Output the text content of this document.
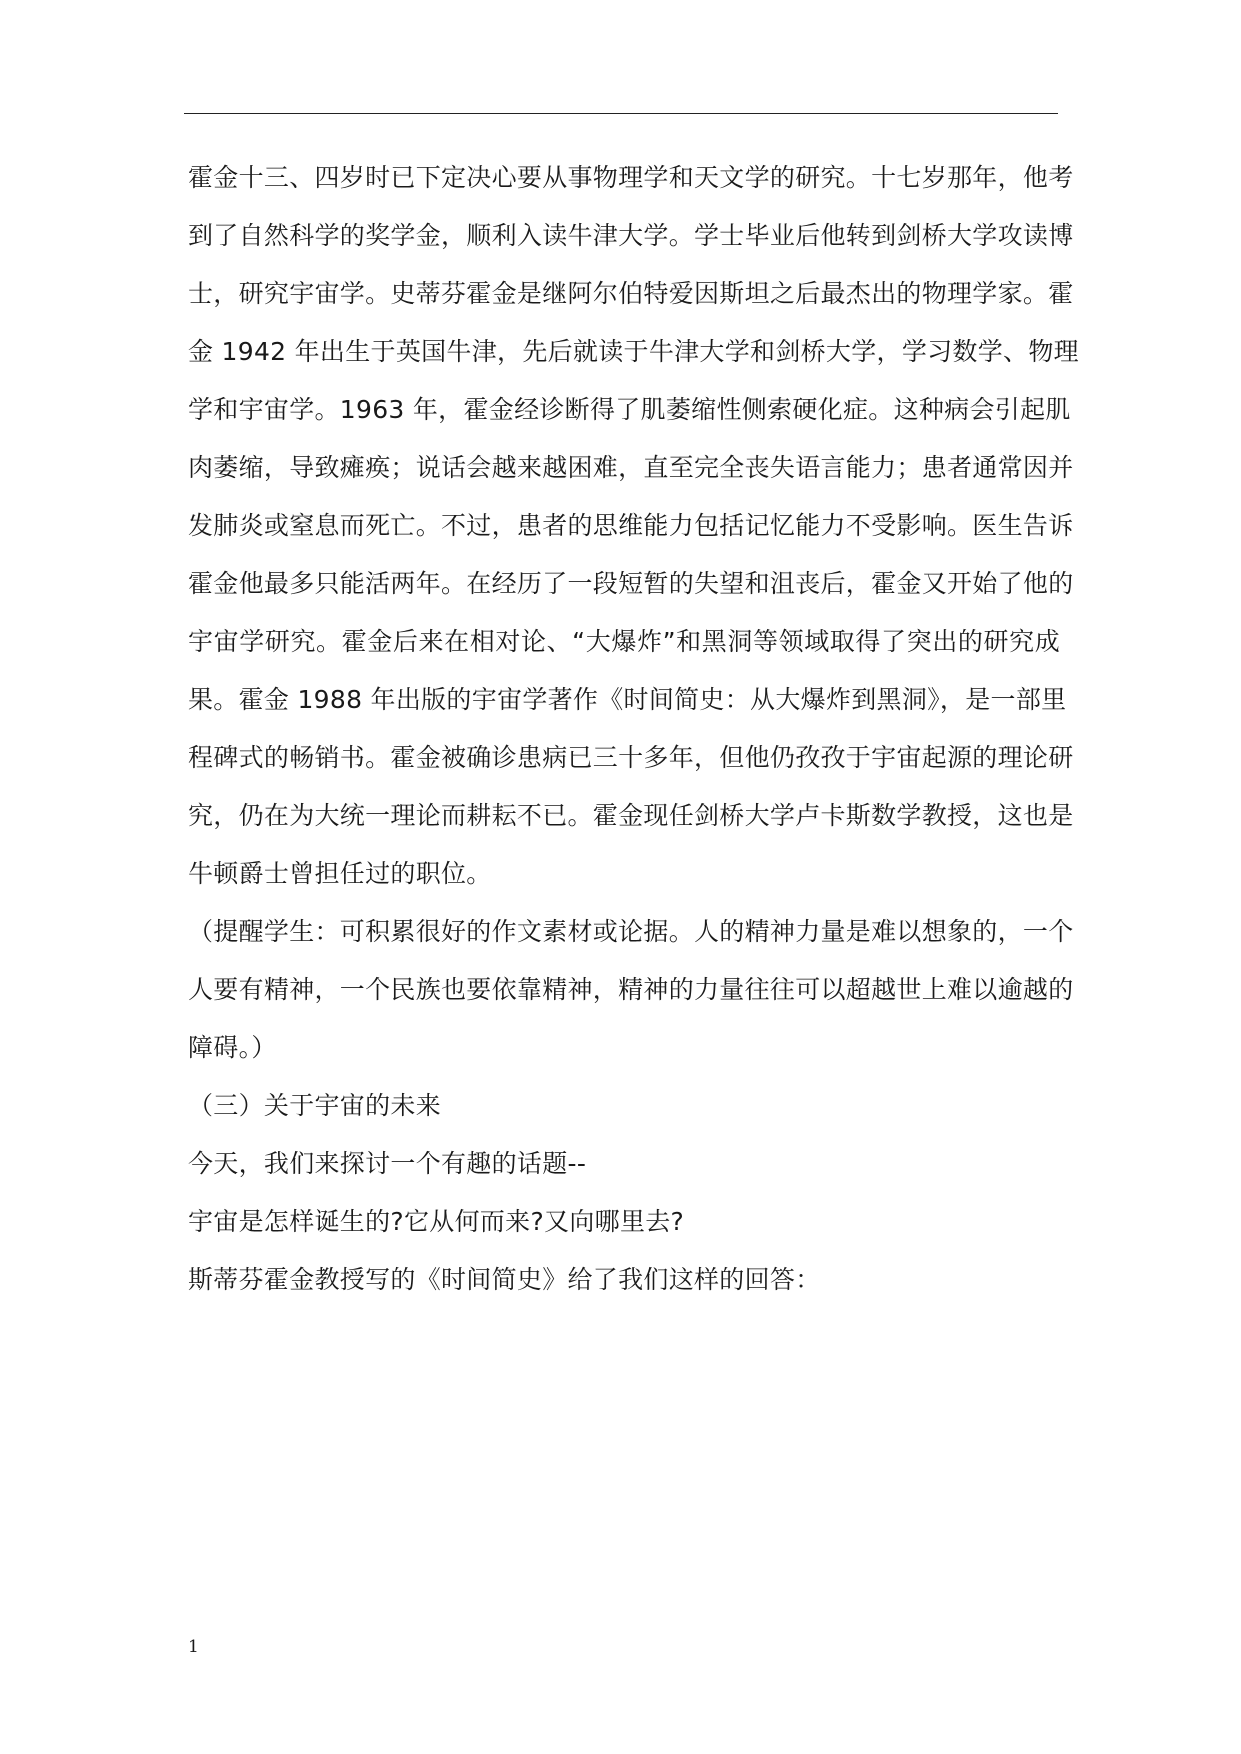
霍金十三、四岁时已下定决心要从事物理学和天文学的研究。十七岁那年，他考
到了自然科学的奖学金，顺利入读牛津大学。学士毕业后他转到剑桥大学攻读博
士，研究宇宙学。史蒂芬霍金是继阿尔伯特爱因斯坦之后最杰出的物理学家。霍
金 1942 年出生于英国牛津，先后就读于牛津大学和剑桥大学，学习数学、物理
学和宇宙学。1963 年，霍金经诊断得了肌萎缩性侧索硬化症。这种病会引起肌
肉萎缩，导致瘫痪；说话会越来越困难，直至完全丧失语言能力；患者通常因并
发肺炎或窒息而死亡。不过，患者的思维能力包括记忆能力不受影响。医生告诉
霍金他最多只能活两年。在经历了一段短暂的失望和沮丧后，霍金又开始了他的
宇宙学研究。霍金后来在相对论、“大爆炸”和黑洞等领域取得了突出的研究成
果。霍金 1988 年出版的宇宙学著作《时间简史：从大爆炸到黑洞》，是一部里
程碑式的畅销书。霍金被确诊患病已三十多年，但他仍孜孜于宇宙起源的理论研
究，仍在为大统一理论而耕耘不已。霍金现任剑桥大学卢卡斯数学教授，这也是
牛顿爵士曾担任过的职位。
（提醒学生：可积累很好的作文素材或论据。人的精神力量是难以想象的，一个
人要有精神，一个民族也要依靠精神，精神的力量往往可以超越世上难以逾越的
障碍。）
（三）关于宇宙的未来
今天，我们来探讨一个有趣的话题--
宇宙是怎样诞生的?它从何而来?又向哪里去?
斯蒂芬霍金教授写的《时间简史》给了我们这样的回答：
1
